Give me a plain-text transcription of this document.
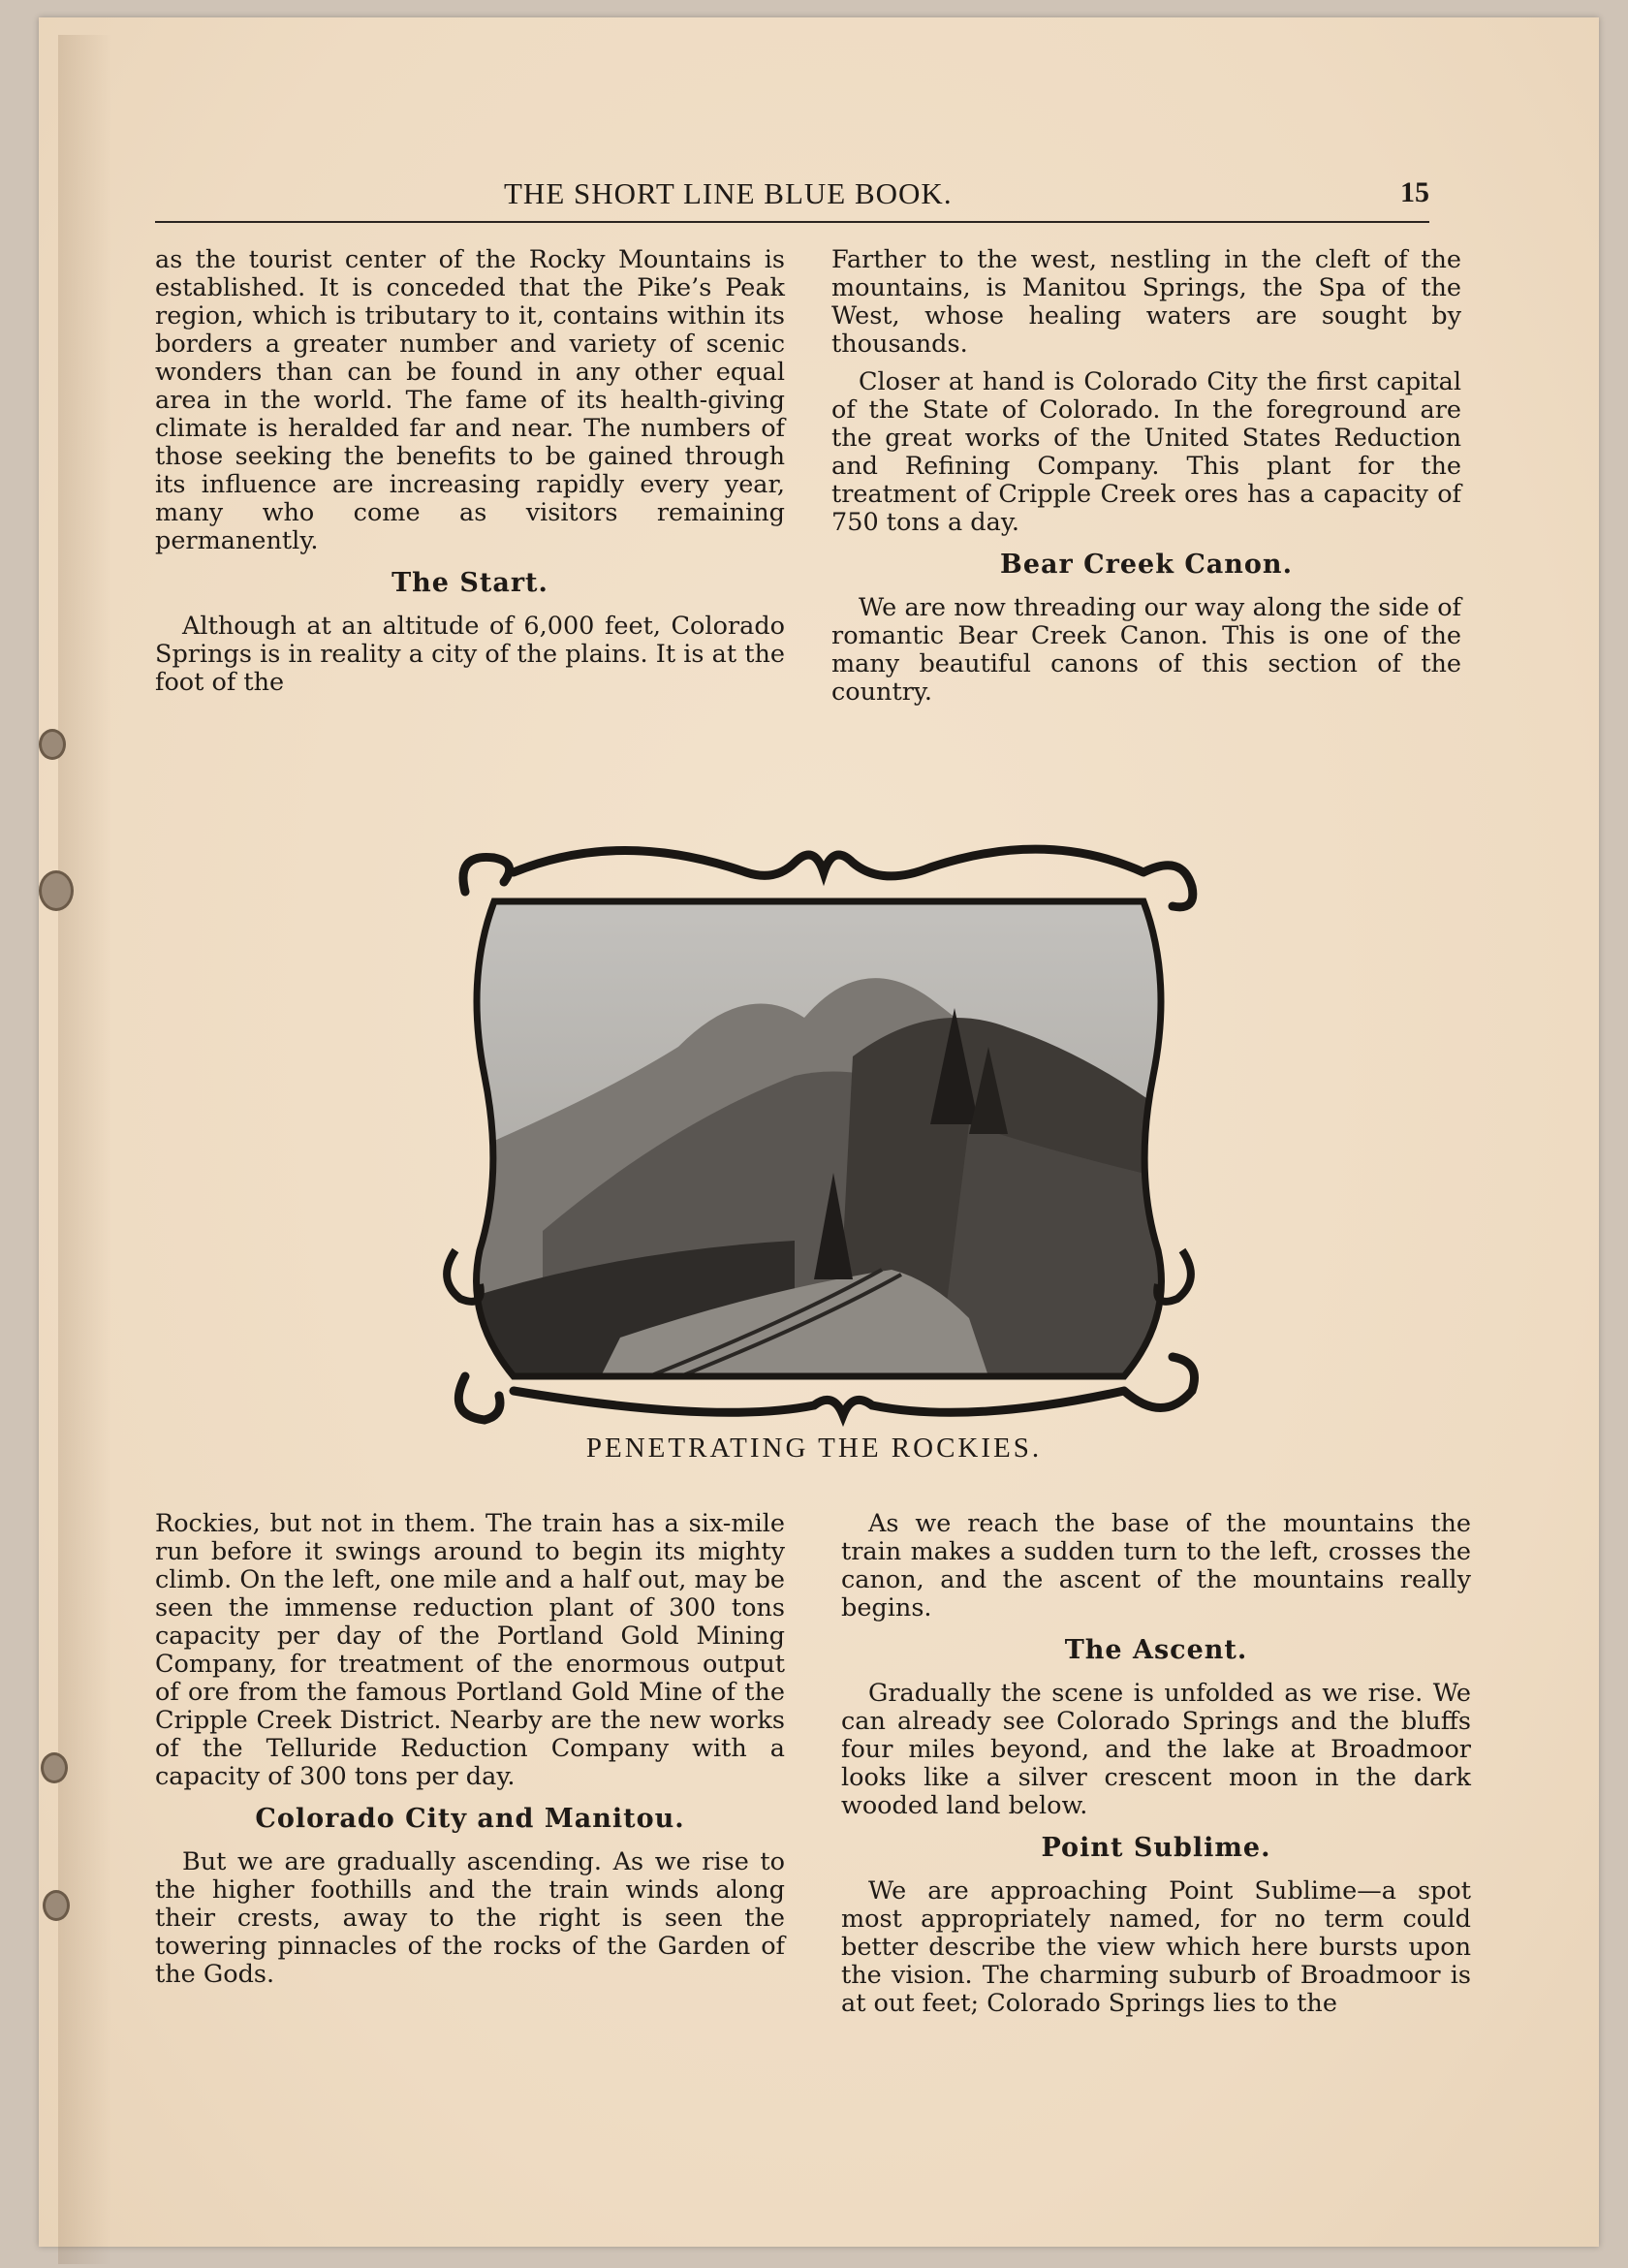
THE SHORT LINE BLUE BOOK.	15

as the tourist center of the Rocky Mountains is established. It is conceded that the Pike’s Peak region, which is tributary to it, contains within its borders a greater number and variety of scenic wonders than can be found in any other equal area in the world. The fame of its health-giving climate is heralded far and near. The numbers of those seeking the benefits to be gained through its influence are increasing rapidly every year, many who come as visitors remaining permanently.

The Start.

Although at an altitude of 6,000 feet, Colorado Springs is in reality a city of the plains. It is at the foot of the

Farther to the west, nestling in the cleft of the mountains, is Manitou Springs, the Spa of the West, whose healing waters are sought by thousands.

Closer at hand is Colorado City the first capital of the State of Colorado. In the foreground are the great works of the United States Reduction and Refining Company. This plant for the treatment of Cripple Creek ores has a capacity of 750 tons a day.

Bear Creek Canon.

We are now threading our way along the side of romantic Bear Creek Canon. This is one of the many beautiful canons of this section of the country.

PENETRATING THE ROCKIES.

Rockies, but not in them. The train has a six-mile run before it swings around to begin its mighty climb. On the left, one mile and a half out, may be seen the immense reduction plant of 300 tons capacity per day of the Portland Gold Mining Company, for treatment of the enormous output of ore from the famous Portland Gold Mine of the Cripple Creek District. Nearby are the new works of the Telluride Reduction Company with a capacity of 300 tons per day.

Colorado City and Manitou.

But we are gradually ascending. As we rise to the higher foothills and the train winds along their crests, away to the right is seen the towering pinnacles of the rocks of the Garden of the Gods.

As we reach the base of the mountains the train makes a sudden turn to the left, crosses the canon, and the ascent of the mountains really begins.

The Ascent.

Gradually the scene is unfolded as we rise. We can already see Colorado Springs and the bluffs four miles beyond, and the lake at Broadmoor looks like a silver crescent moon in the dark wooded land below.

Point Sublime.

We are approaching Point Sublime—a spot most appropriately named, for no term could better describe the view which here bursts upon the vision. The charming suburb of Broadmoor is at out feet; Colorado Springs lies to the
